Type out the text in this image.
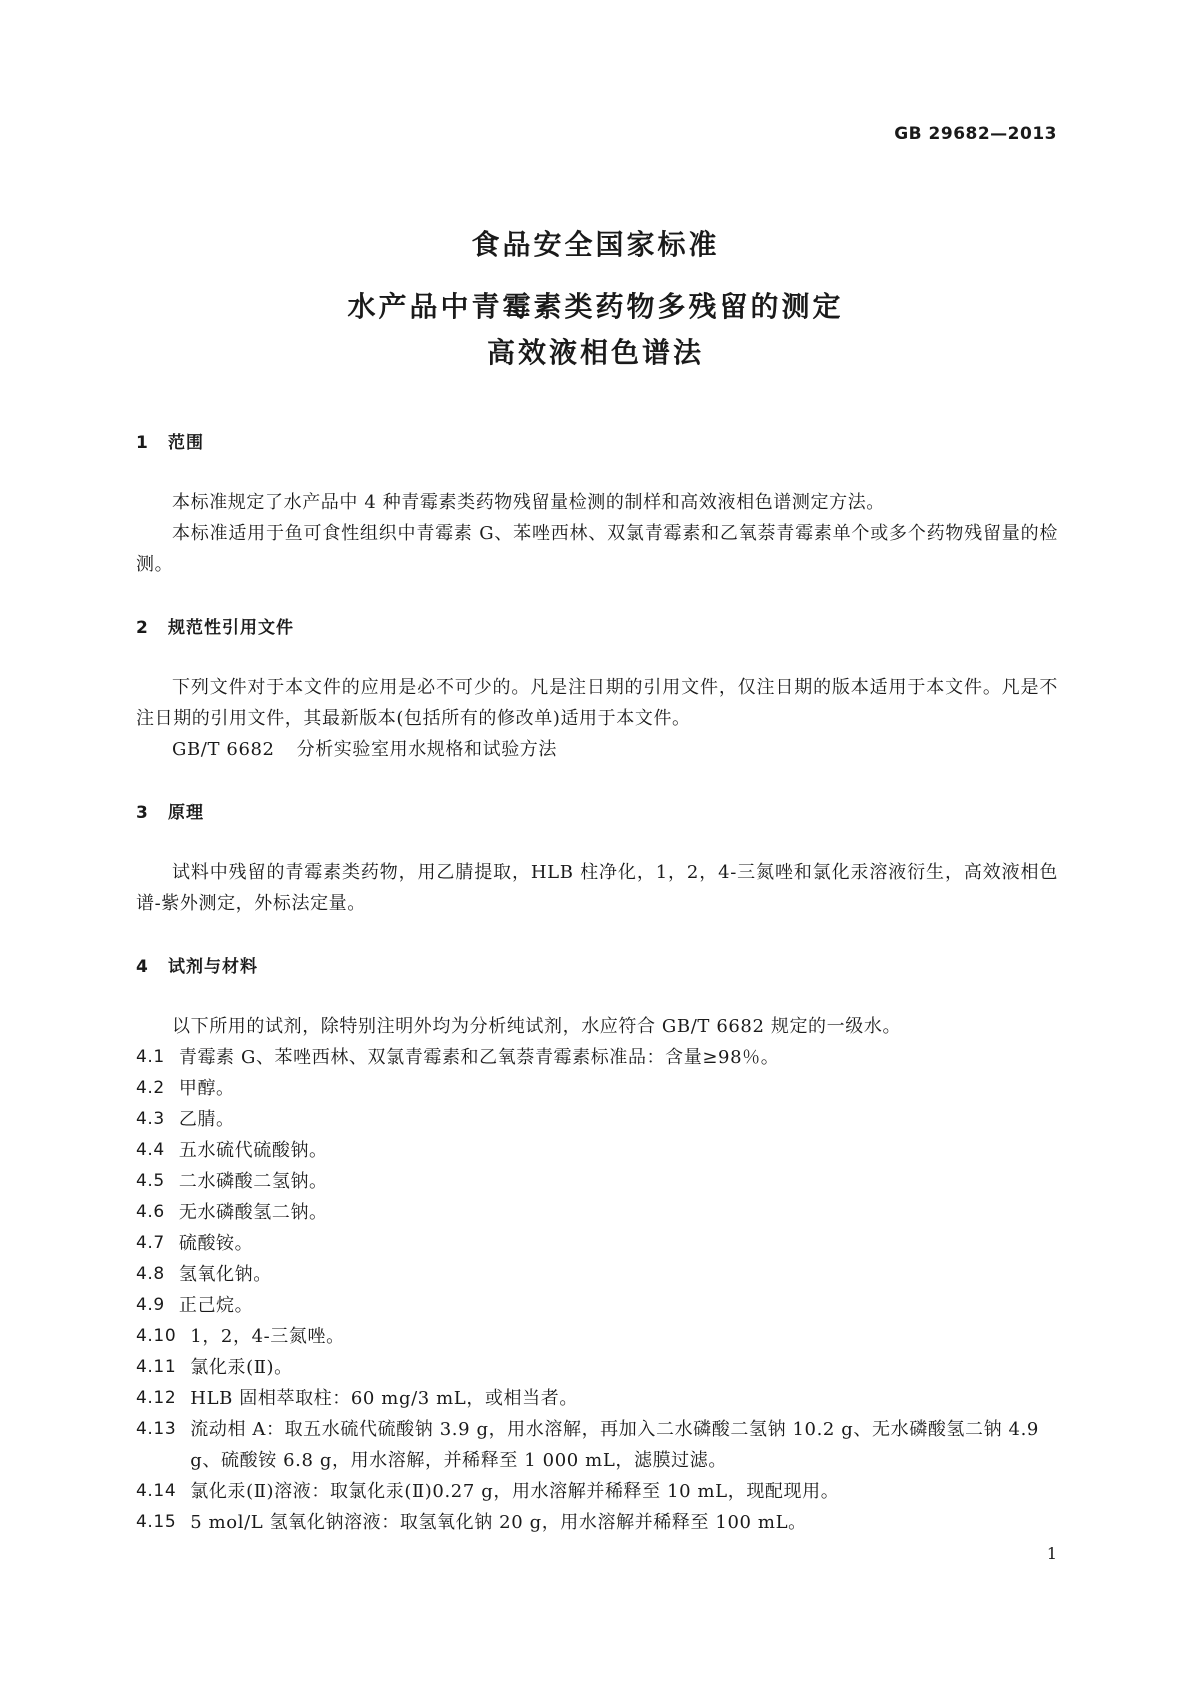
GB 29682—2013
食品安全国家标准
水产品中青霉素类药物多残留的测定
高效液相色谱法
1	范围

本标准规定了水产品中 4 种青霉素类药物残留量检测的制样和高效液相色谱测定方法。

本标准适用于鱼可食性组织中青霉素 G、苯唑西林、双氯青霉素和乙氧萘青霉素单个或多个药物残留量的检测。

2	规范性引用文件

下列文件对于本文件的应用是必不可少的。凡是注日期的引用文件，仅注日期的版本适用于本文件。凡是不注日期的引用文件，其最新版本(包括所有的修改单)适用于本文件。

GB/T 6682 分析实验室用水规格和试验方法

3	原理

试料中残留的青霉素类药物，用乙腈提取，HLB 柱净化，1，2，4-三氮唑和氯化汞溶液衍生，高效液相色谱-紫外测定，外标法定量。

4	试剂与材料

以下所用的试剂，除特别注明外均为分析纯试剂，水应符合 GB/T 6682 规定的一级水。

4.1 青霉素 G、苯唑西林、双氯青霉素和乙氧萘青霉素标准品：含量≥98％。
4.2 甲醇。
4.3 乙腈。
4.4 五水硫代硫酸钠。
4.5 二水磷酸二氢钠。
4.6 无水磷酸氢二钠。
4.7 硫酸铵。
4.8 氢氧化钠。
4.9 正己烷。
4.10 1，2，4-三氮唑。
4.11 氯化汞(Ⅱ)。
4.12 HLB 固相萃取柱：60 mg/3 mL，或相当者。
4.13 流动相 A：取五水硫代硫酸钠 3.9 g，用水溶解，再加入二水磷酸二氢钠 10.2 g、无水磷酸氢二钠 4.9 g、硫酸铵 6.8 g，用水溶解，并稀释至 1 000 mL，滤膜过滤。
4.14 氯化汞(Ⅱ)溶液：取氯化汞(Ⅱ)0.27 g，用水溶解并稀释至 10 mL，现配现用。
4.15 5 mol/L 氢氧化钠溶液：取氢氧化钠 20 g，用水溶解并稀释至 100 mL。
1
